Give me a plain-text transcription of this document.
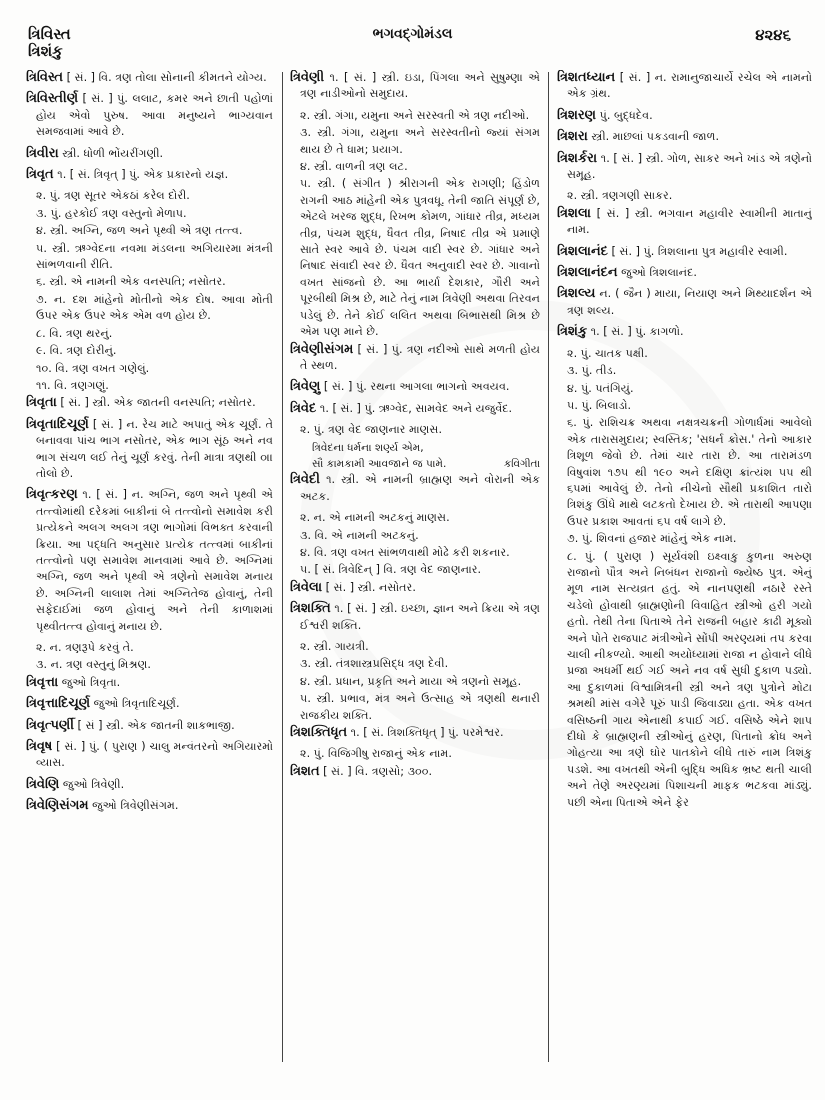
ત્રિવિસ્ત
ત્રિશંકુ
ભગવદ્ગોમંડલ	૪૨૪૬

ત્રિવિસ્ત [ સં. ] વિ. ત્રણ તોલા સોનાની કીમતને યોગ્ય.

ત્રિવિસ્તીર્ણ [ સં. ] પું. લલાટ, કમર અને છાતી પહોળાં હોય એવો પુરુષ. આવા મનુષ્યને ભાગ્યવાન સમજવામાં આવે છે.

ત્રિવીરા સ્ત્રી. ધોળી ભોંયરીંગણી.

ત્રિવૃત ૧. [ સં. ત્રિવૃત્ ] પું. એક પ્રકારનો યજ્ઞ.

૨. પું. ત્રણ સૂતર એકઠાં કરેલ દોરી.

૩. પું. હરકોઈ ત્રણ વસ્તુનો મેળાપ.

૪. સ્ત્રી. અગ્નિ, જળ અને પૃથ્વી એ ત્રણ તત્ત્વ.

૫. સ્ત્રી. ઋગ્વેદના નવમા મંડલના અગિયારમા મંત્રની સાંભળવાની રીતિ.

૬. સ્ત્રી. એ નામની એક વનસ્પતિ; નસોતર.

૭. ન. દશ માંહેનો મોતીનો એક દોષ. આવા મોતી ઉપર એક ઉપર એક એમ વળ હોય છે.

૮. વિ. ત્રણ થરનું.

૯. વિ. ત્રણ દોરીનું.

૧૦. વિ. ત્રણ વખત ગણેલું.

૧૧. વિ. ત્રણગણું.

ત્રિવૃતા [ સં. ] સ્ત્રી. એક જાતની વનસ્પતિ; નસોતર.

ત્રિવૃતાદિચૂર્ણ [ સં. ] ન. રેચ માટે અપાતું એક ચૂર્ણ. તે બનાવવા પાંચ ભાગ નસોતર, એક ભાગ સૂંઠ અને નવ ભાગ સંચળ લઈ તેનું ચૂર્ણ કરવું. તેની માત્રા ત્રણથી ૦।। તોલો છે.

ત્રિવૃત્કરણ ૧. [ સં. ] ન. અગ્નિ, જળ અને પૃથ્વી એ તત્ત્વોમાંથી દરેકમાં બાકીનાં બે તત્ત્વોનો સમાવેશ કરી પ્રત્યેકને અલગ અલગ ત્રણ ભાગોમાં વિભક્ત કરવાની ક્રિયા. આ પદ્ધતિ અનુસાર પ્રત્યેક તત્ત્વમાં બાકીનાં તત્ત્વોનો પણ સમાવેશ માનવામાં આવે છે. અગ્નિમાં અગ્નિ, જળ અને પૃથ્વી એ ત્રણેનો સમાવેશ મનાય છે. અગ્નિની લાલાશ તેમાં અગ્નિતેજ હોવાનું, તેની સફેદાઈમાં જળ હોવાનું અને તેની કાળાશમાં પૃથ્વીતત્ત્વ હોવાનું મનાય છે.

૨. ન. ત્રણરૂપે કરવું તે.

૩. ન. ત્રણ વસ્તુનું મિશ્રણ.

ત્રિવૃત્તા જુઓ ત્રિવૃતા.

ત્રિવૃત્તાદિચૂર્ણ જુઓ ત્રિવૃતાદિચૂર્ણ.

ત્રિવૃત્પર્ણી [ સં ] સ્ત્રી. એક જાતની શાકભાજી.

ત્રિવૃષ [ સં. ] પું. ( પુરાણ ) ચાલુ મન્વંતરનો અગિયારમો વ્યાસ.

ત્રિવેણિ જુઓ ત્રિવેણી.

ત્રિવેણિસંગમ જુઓ ત્રિવેણીસંગમ.

ત્રિવેણી ૧. [ સં. ] સ્ત્રી. ઇડા, પિંગલા અને સુષુમ્ણા એ ત્રણ નાડીઓનો સમુદાય.

૨. સ્ત્રી. ગંગા, યમુના અને સરસ્વતી એ ત્રણ નદીઓ.

૩. સ્ત્રી. ગંગા, યમુના અને સરસ્વતીનો જ્યાં સંગમ થાય છે તે ધામ; પ્રયાગ.

૪. સ્ત્રી. વાળની ત્રણ લટ.

૫. સ્ત્રી. ( સંગીત ) શ્રીરાગની એક રાગણી; હિંડોળ રાગની આઠ માંહેની એક પુત્રવધૂ. તેની જાતિ સંપૂર્ણ છે, એટલે ખરજ શુદ્ધ, રિખભ કોમળ, ગાંધાર તીવ્ર, મધ્યમ તીવ્ર, પંચમ શુદ્ધ, ધૈવત તીવ્ર, નિષાદ તીવ્ર એ પ્રમાણે સાતે સ્વર આવે છે. પંચમ વાદી સ્વર છે. ગાંધાર અને નિષાદ સંવાદી સ્વર છે. ધૈવત અનુવાદી સ્વર છે. ગાવાનો વખત સાંજનો છે. આ ભાર્યા દેશકાર, ગૌરી અને પૂરબીથી મિશ્ર છે, માટે તેનું નામ ત્રિવેણી અથવા તિરવન પડેલું છે. તેને કોઈ લલિત અથવા બિભાસથી મિશ્ર છે એમ પણ માને છે.

ત્રિવેણીસંગમ [ સં. ] પું. ત્રણ નદીઓ સાથે મળતી હોય તે સ્થળ.

ત્રિવેણુ [ સં. ] પું. રથના આગલા ભાગનો અવયવ.

ત્રિવેદ ૧. [ સં. ] પું. ઋગ્વેદ, સામવેદ અને યજુર્વેદ.

૨. પું. ત્રણ વેદ જાણનાર માણસ.

ત્રિવેદના ધર્મના શર્ણ્ય એમ,

સૌ કામકામી આવજાને જ પામે.	કવિગીતા

ત્રિવેદી ૧. સ્ત્રી. એ નામની બ્રાહ્મણ અને વોરાની એક અટક.

૨. ન. એ નામની અટકનું માણસ.

૩. વિ. એ નામની અટકનું.

૪. વિ. ત્રણ વખત સાંભળવાથી મોઢે કરી શકનાર.

૫. [ સં. ત્રિવેદિન્ ] વિ. ત્રણ વેદ જાણનાર.

ત્રિવેલા [ સં. ] સ્ત્રી. નસોતર.

ત્રિશક્તિ ૧. [ સં. ] સ્ત્રી. ઇચ્છા, જ્ઞાન અને ક્રિયા એ ત્રણ ઈશ્વરી શક્તિ.

૨. સ્ત્રી. ગાયત્રી.

૩. સ્ત્રી. તંત્રશાસ્ત્રપ્રસિદ્ધ ત્રણ દેવી.

૪. સ્ત્રી. પ્રધાન, પ્રકૃતિ અને માયા એ ત્રણનો સમૂહ.

૫. સ્ત્રી. પ્રભાવ, મંત્ર અને ઉત્સાહ એ ત્રણથી થનારી રાજકીય શક્તિ.

ત્રિશક્તિધૃત ૧. [ સં. ત્રિશક્તિધૃત્ ] પું. પરમેશ્વર.

૨. પું. વિજિગીષુ રાજાનું એક નામ.

ત્રિશત [ સં. ] વિ. ત્રણસો; ૩૦૦.

ત્રિશતધ્યાન [ સં. ] ન. રામાનુજાચાર્યે રચેલ એ નામનો એક ગ્રંથ.

ત્રિશરણ પું. બુદ્ધદેવ.

ત્રિશરા સ્ત્રી. માછલાં પકડવાની જાળ.

ત્રિશર્કરા ૧. [ સં. ] સ્ત્રી. ગોળ, સાકર અને ખાંડ એ ત્રણેનો સમૂહ.

૨. સ્ત્રી. ત્રણગણી સાકર.

ત્રિશલા [ સં. ] સ્ત્રી. ભગવાન મહાવીર સ્વામીની માતાનું નામ.

ત્રિશલાનંદ [ સં. ] પું. ત્રિશલાના પુત્ર મહાવીર સ્વામી.

ત્રિશલાનંદન જુઓ ત્રિશલાનંદ.

ત્રિશલ્ય ન. ( જૈન ) માયા, નિયાણ અને મિથ્યાદર્શન એ ત્રણ શલ્ય.

ત્રિશંકુ ૧. [ સં. ] પું. કાગળો.

૨. પું. ચાતક પક્ષી.

૩. પું. તીડ.

૪. પું. પતંગિયું.

૫. પું. બિલાડો.

૬. પું. રાશિચક્ર અથવા નક્ષત્રચક્રની ગોળાર્ધમાં આવેલો એક તારાસમુદાય; સ્વસ્તિક; 'સધર્ન ક્રોસ.' તેનો આકાર ત્રિશૂળ જેવો છે. તેમાં ચાર તારા છે. આ તારામંડળ વિષુવાંશ ૧૭૫ થી ૧૯૦ અને દક્ષિણ ક્રાંત્યંશ ૫૫ થી ૬૫માં આવેલું છે. તેનો નીચેનો સૌથી પ્રકાશિત તારો ત્રિશંકુ ઊંધે માથે લટકતો દેખાય છે. એ તારાથી આપણા ઉપર પ્રકાશ આવતાં ૬૫ વર્ષ લાગે છે.

૭. પું. શિવનાં હજાર માંહેનું એક નામ.

૮. પું. ( પુરાણ ) સૂર્યવંશી ઇક્ષ્વાકુ કુળના અરુણ રાજાનો પૌત્ર અને નિબંધન રાજાનો જ્યેષ્ઠ પુત્ર. એનું મૂળ નામ સત્યવ્રત હતું. એ નાનપણથી નઠારે રસ્તે ચડેલો હોવાથી બ્રાહ્મણોની વિવાહિત સ્ત્રીઓ હરી ગયો હતો. તેથી તેના પિતાએ તેને રાજની બહાર કાઢી મૂક્યો અને પોતે રાજપાટ મંત્રીઓને સોંપી અરણ્યમાં તપ કરવા ચાલી નીકળ્યો. આથી અયોધ્યામાં રાજા ન હોવાને લીધે પ્રજા અધર્મી થઈ ગઈ અને નવ વર્ષ સુધી દુકાળ પડ્યો. આ દુકાળમાં વિશ્વામિત્રની સ્ત્રી અને ત્રણ પુત્રોને મોટા શ્રમથી માંસ વગેરે પૂરું પાડી જિવાડ્યા હતા. એક વખત વસિષ્ઠની ગાય એનાથી કપાઈ ગઈ. વસિષ્ઠે એને શાપ દીધો કે બ્રાહ્મણની સ્ત્રીઓનું હરણ, પિતાનો ક્રોધ અને ગોહત્યા આ ત્રણે ઘોર પાતકોને લીધે તારું નામ ત્રિશંકુ પડશે. આ વખતથી એની બુદ્ધિ અધિક ભ્રષ્ટ થતી ચાલી અને તેણે અરણ્યમાં પિશાચની માફક ભટકવા માંડ્યું. પછી એના પિતાએ એને ફેર
